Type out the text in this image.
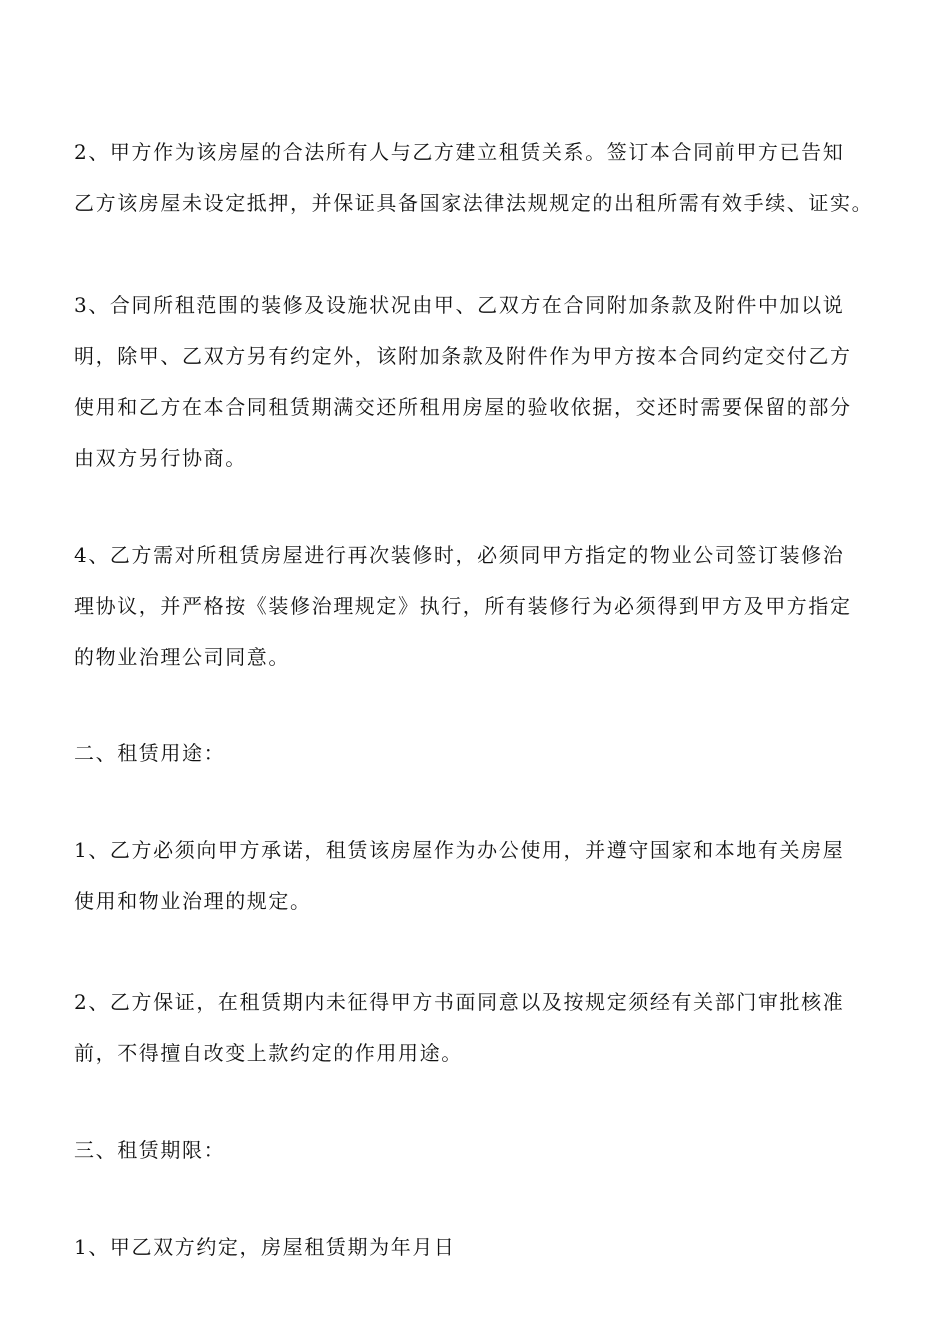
2、甲方作为该房屋的合法所有人与乙方建立租赁关系。签订本合同前甲方已告知
乙方该房屋未设定抵押，并保证具备国家法律法规规定的出租所需有效手续、证实。

3、合同所租范围的装修及设施状况由甲、乙双方在合同附加条款及附件中加以说
明，除甲、乙双方另有约定外，该附加条款及附件作为甲方按本合同约定交付乙方
使用和乙方在本合同租赁期满交还所租用房屋的验收依据，交还时需要保留的部分
由双方另行协商。

4、乙方需对所租赁房屋进行再次装修时，必须同甲方指定的物业公司签订装修治
理协议，并严格按《装修治理规定》执行，所有装修行为必须得到甲方及甲方指定
的物业治理公司同意。

二、租赁用途：

1、乙方必须向甲方承诺，租赁该房屋作为办公使用，并遵守国家和本地有关房屋
使用和物业治理的规定。

2、乙方保证，在租赁期内未征得甲方书面同意以及按规定须经有关部门审批核准
前，不得擅自改变上款约定的作用用途。

三、租赁期限：

1、甲乙双方约定，房屋租赁期为年月日
